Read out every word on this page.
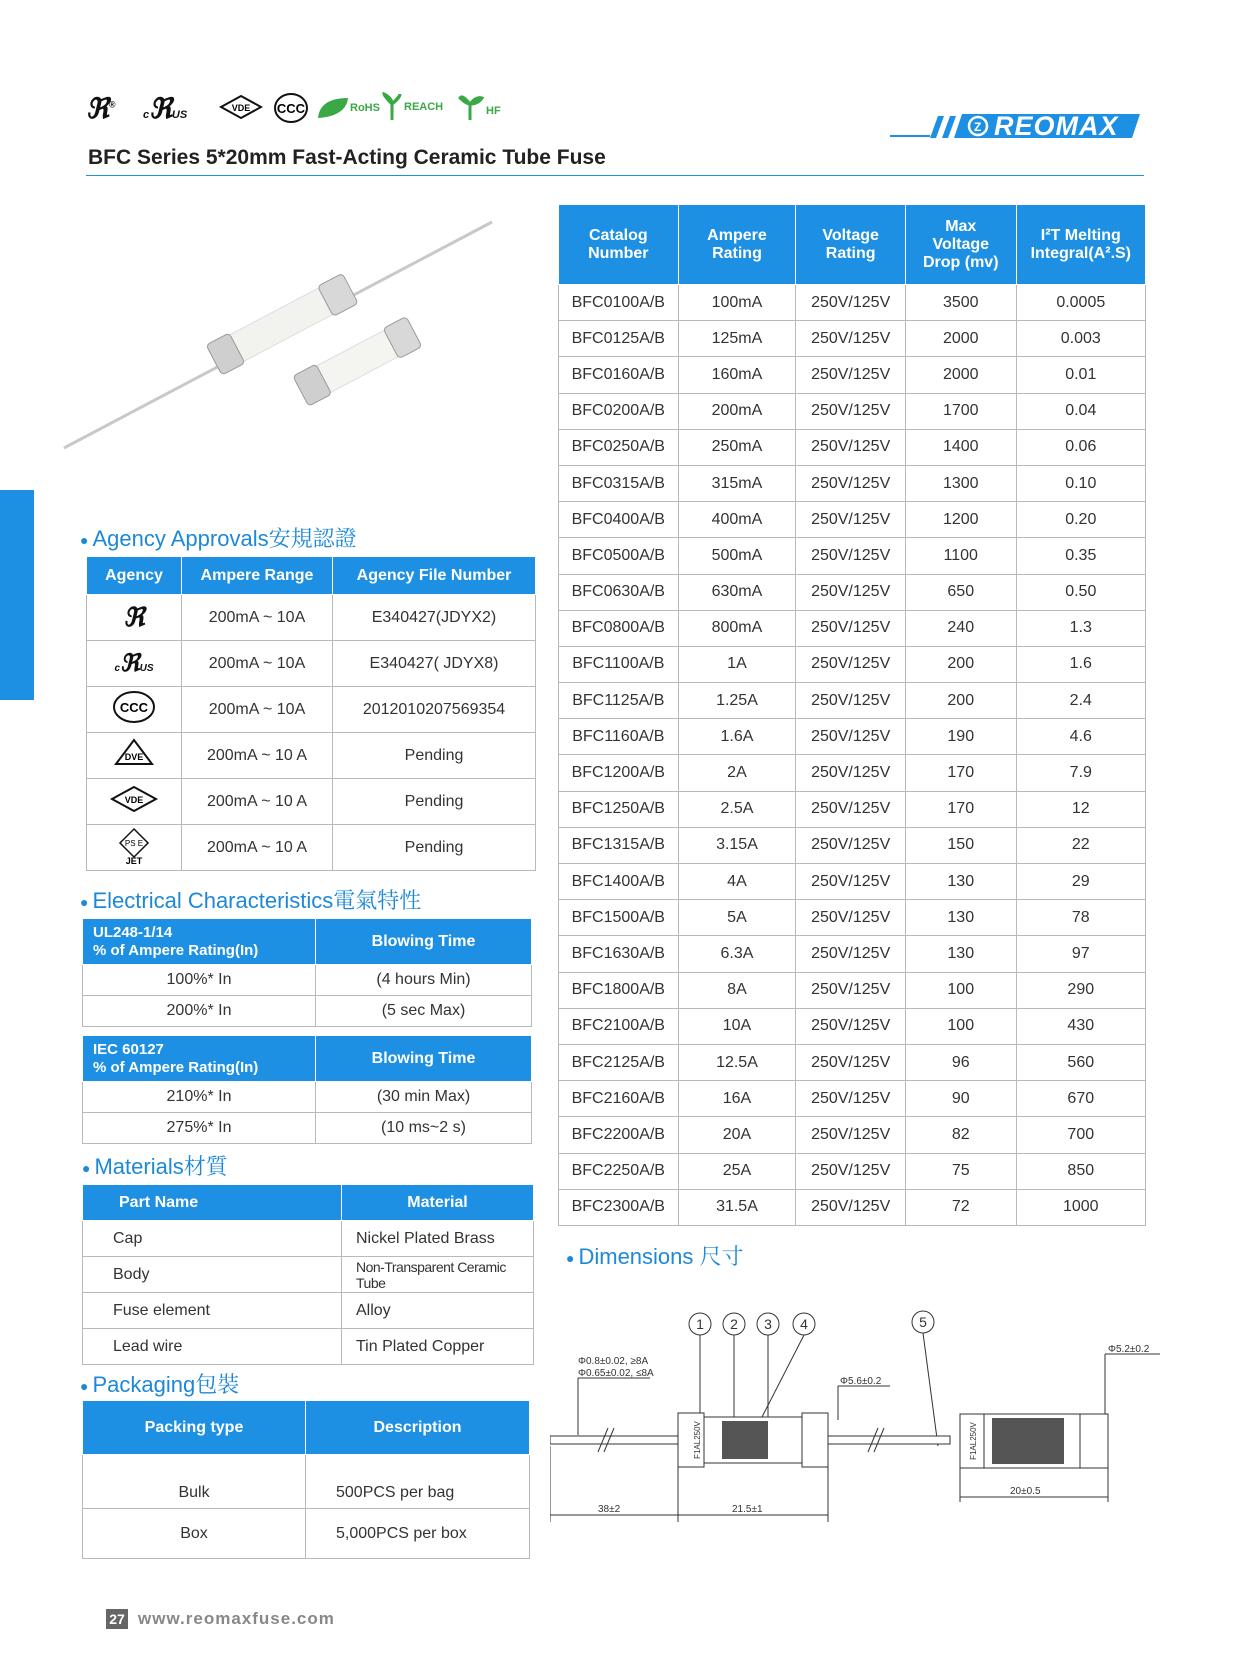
ℜ®
cℜUS
VDE CCC	RoHS REACH	HF
Z REOMAX
BFC Series 5*20mm Fast-Acting Ceramic Tube Fuse
● Agency Approvals安規認證
Agency	Ampere Range	Agency File Number
ℜ	200mA ~ 10A	E340427(JDYX2)
cℜUS	200mA ~ 10A	E340427( JDYX8)

CCC	200mA ~ 10A	2012010207569354

DVE	200mA ~ 10 A	Pending

VDE	200mA ~ 10 A	Pending

PS E
JET	200mA ~ 10 A	Pending
● Electrical Characteristics電氣特性
UL248-1/14
% of Ampere Rating(In)	Blowing Time
100%* In	(4 hours Min)
200%* In	(5 sec Max)
IEC 60127
% of Ampere Rating(In)	Blowing Time
210%* In	(30 min Max)
275%* In	(10 ms~2 s)
● Materials材質
Part Name	Material
Cap	Nickel Plated Brass
Body	Non-Transparent Ceramic Tube
Fuse element	Alloy
Lead wire	Tin Plated Copper
● Packaging包裝
Packing type	Description
Bulk	500PCS per bag
Box	5,000PCS per box
Catalog Number	Ampere Rating	Voltage Rating	Max Voltage Drop (mv)	I²T Melting Integral(A².S)
BFC0100A/B	100mA	250V/125V	3500	0.0005
BFC0125A/B	125mA	250V/125V	2000	0.003
BFC0160A/B	160mA	250V/125V	2000	0.01
BFC0200A/B	200mA	250V/125V	1700	0.04
BFC0250A/B	250mA	250V/125V	1400	0.06
BFC0315A/B	315mA	250V/125V	1300	0.10
BFC0400A/B	400mA	250V/125V	1200	0.20
BFC0500A/B	500mA	250V/125V	1100	0.35
BFC0630A/B	630mA	250V/125V	650	0.50
BFC0800A/B	800mA	250V/125V	240	1.3
BFC1100A/B	1A	250V/125V	200	1.6
BFC1125A/B	1.25A	250V/125V	200	2.4
BFC1160A/B	1.6A	250V/125V	190	4.6
BFC1200A/B	2A	250V/125V	170	7.9
BFC1250A/B	2.5A	250V/125V	170	12
BFC1315A/B	3.15A	250V/125V	150	22
BFC1400A/B	4A	250V/125V	130	29
BFC1500A/B	5A	250V/125V	130	78
BFC1630A/B	6.3A	250V/125V	130	97
BFC1800A/B	8A	250V/125V	100	290
BFC2100A/B	10A	250V/125V	100	430
BFC2125A/B	12.5A	250V/125V	96	560
BFC2160A/B	16A	250V/125V	90	670
BFC2200A/B	20A	250V/125V	82	700
BFC2250A/B	25A	250V/125V	75	850
BFC2300A/B	31.5A	250V/125V	72	1000
● Dimensions 尺寸
1 2 3 4	5
Φ0.8±0.02, ≥8A
Φ0.65±0.02, ≤8A
Φ5.6±0.2
F1AL250V
38±2	21.5±1
F1AL250V
Φ5.2±0.2
20±0.5
27 www.reomaxfuse.com
